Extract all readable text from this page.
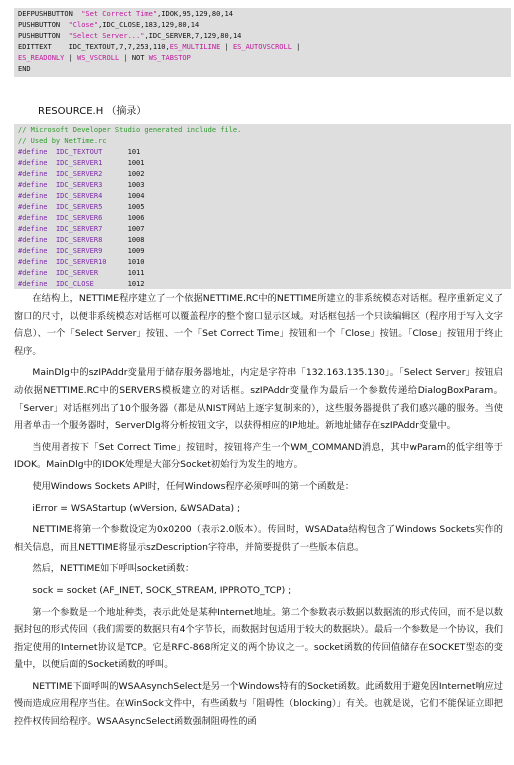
DEFPUSHBUTTON  "Set Correct Time",IDOK,95,129,80,14
PUSHBUTTON  "Close",IDC_CLOSE,183,129,80,14
PUSHBUTTON  "Select Server...",IDC_SERVER,7,129,80,14
EDITTEXT    IDC_TEXTOUT,7,7,253,110,ES_MULTILINE | ES_AUTOVSCROLL |
ES_READONLY | WS_VSCROLL | NOT WS_TABSTOP
END
RESOURCE.H （摘录）
// Microsoft Developer Studio generated include file.
// Used by NetTime.rc
#define IDC_TEXTOUT	101
#define IDC_SERVER1	1001
#define IDC_SERVER2	1002
#define IDC_SERVER3	1003
#define IDC_SERVER4	1004
#define IDC_SERVER5	1005
#define IDC_SERVER6	1006
#define IDC_SERVER7	1007
#define IDC_SERVER8	1008
#define IDC_SERVER9	1009
#define IDC_SERVER10	1010
#define IDC_SERVER	1011
#define IDC_CLOSE	1012

在结构上，NETTIME程序建立了一个依据NETTIME.RC中的NETTIME所建立的非系统模态对话框。程序重新定义了窗口的尺寸，以便非系统模态对话框可以覆盖程序的整个窗口显示区域。对话框包括一个只读编辑区（程序用于写入文字信息）、一个「Select Server」按钮、一个「Set Correct Time」按钮和一个「Close」按钮。「Close」按钮用于终止程序。

MainDlg中的szIPAddr变量用于储存服务器地址，内定是字符串「132.163.135.130」。「Select Server」按钮启动依据NETTIME.RC中的SERVERS模板建立的对话框。szIPAddr变量作为最后一个参数传递给DialogBoxParam。「Server」对话框列出了10个服务器（都是从NIST网站上逐字复制来的），这些服务器提供了我们感兴趣的服务。当使用者单击一个服务器时，ServerDlg将分析按钮文字，以获得相应的IP地址。新地址储存在szIPAddr变量中。

当使用者按下「Set Correct Time」按钮时，按钮将产生一个WM_COMMAND消息，其中wParam的低字组等于IDOK。MainDlg中的IDOK处理是大部分Socket初始行为发生的地方。

使用Windows Sockets API时，任何Windows程序必须呼叫的第一个函数是：

iError = WSAStartup (wVersion, &WSAData) ;

NETTIME将第一个参数设定为0x0200（表示2.0版本）。传回时，WSAData结构包含了Windows Sockets实作的相关信息，而且NETTIME将显示szDescription字符串，并简要提供了一些版本信息。

然后，NETTIME如下呼叫socket函数：

sock = socket (AF_INET, SOCK_STREAM, IPPROTO_TCP) ;

第一个参数是一个地址种类，表示此处是某种Internet地址。第二个参数表示数据以数据流的形式传回，而不是以数据封包的形式传回（我们需要的数据只有4个字节长，而数据封包适用于较大的数据块）。最后一个参数是一个协议，我们指定使用的Internet协议是TCP。它是RFC-868所定义的两个协议之一。socket函数的传回值储存在SOCKET型态的变量中，以便后面的Socket函数的呼叫。

NETTIME下面呼叫的WSAAsynchSelect是另一个Windows特有的Socket函数。此函数用于避免因Internet响应过慢而造成应用程序当住。在WinSock文件中，有些函数与「阻碍性（blocking）」有关。也就是说，它们不能保证立即把控件权传回给程序。WSAAsyncSelect函数强制阻碍性的函
